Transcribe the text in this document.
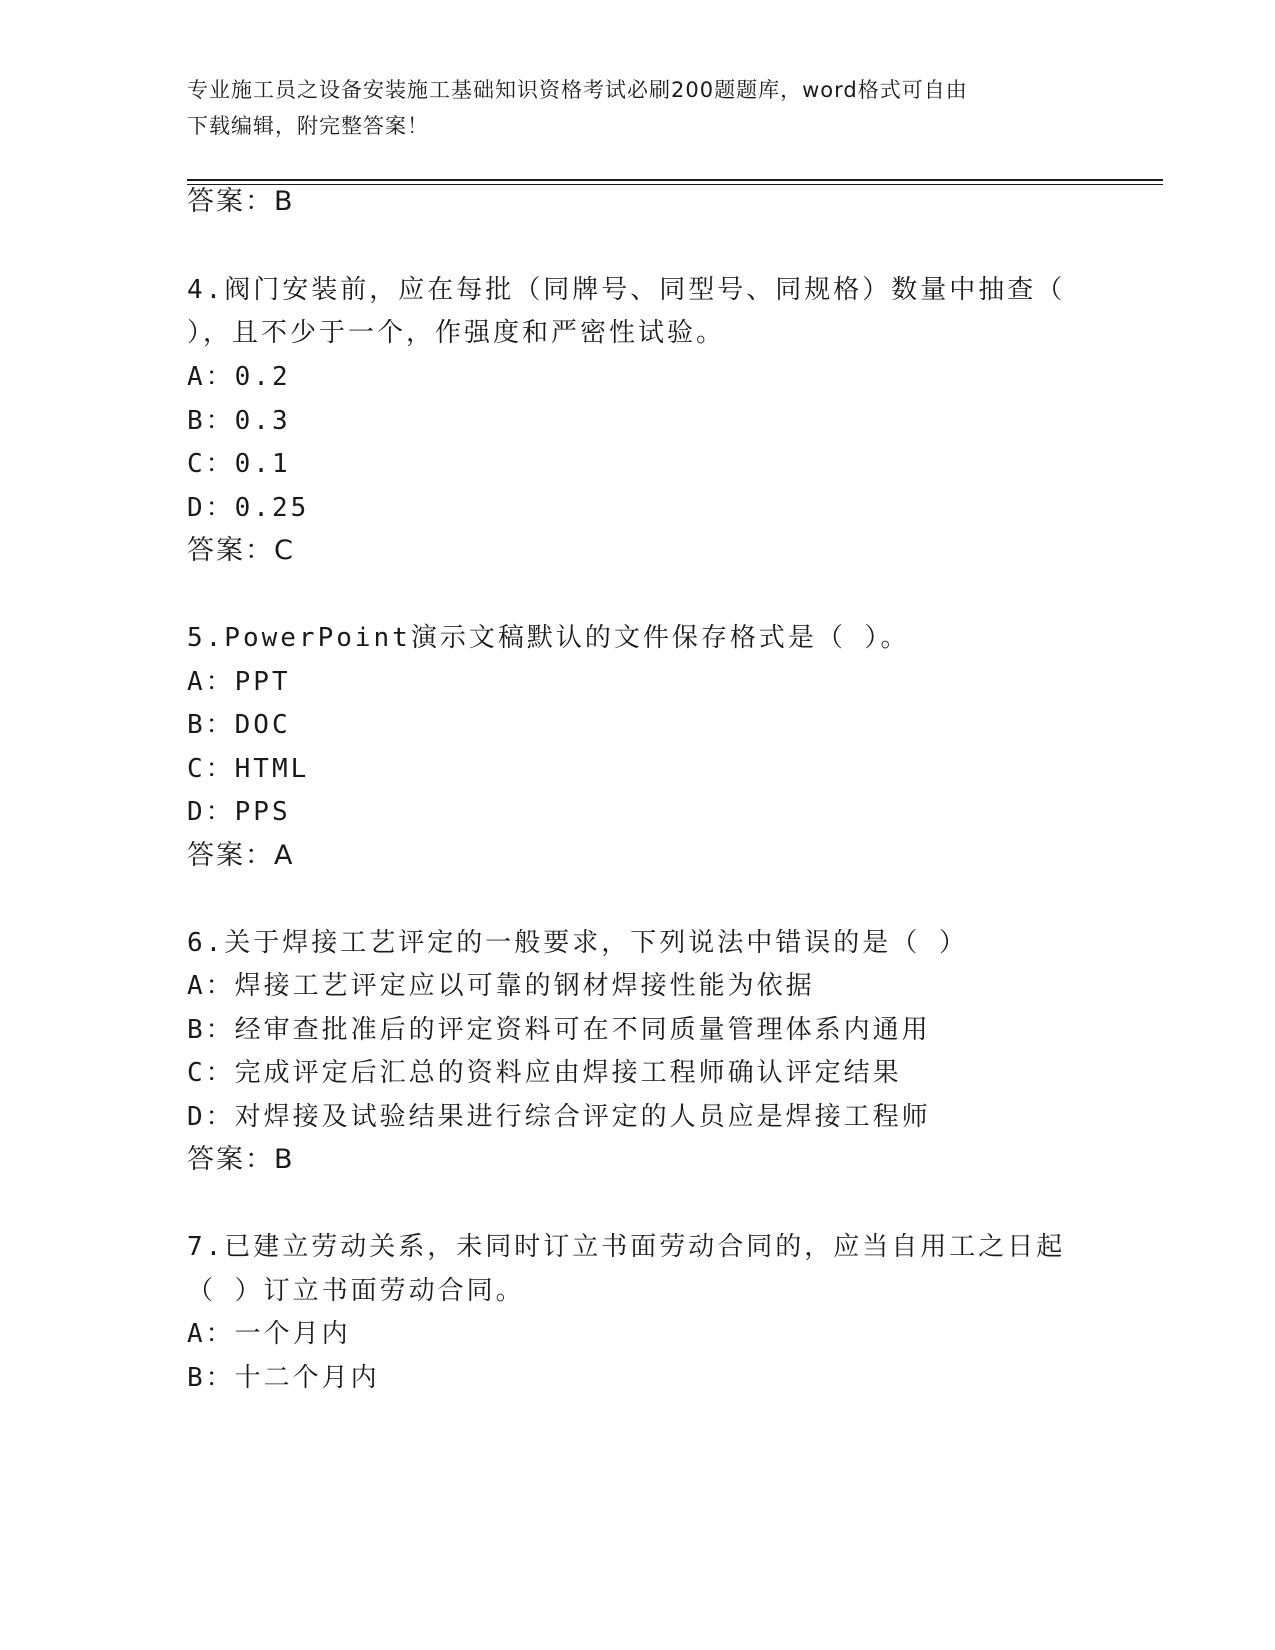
专业施工员之设备安装施工基础知识资格考试必刷200题题库，word格式可自由
下载编辑，附完整答案！
答案：B
4.阀门安装前，应在每批（同牌号、同型号、同规格）数量中抽查（
），且不少于一个，作强度和严密性试验。
A：0.2
B：0.3
C：0.1
D：0.25
答案：C
5.PowerPoint演示文稿默认的文件保存格式是（ ）。
A：PPT
B：DOC
C：HTML
D：PPS
答案：A
6.关于焊接工艺评定的一般要求，下列说法中错误的是（ ）
A：焊接工艺评定应以可靠的钢材焊接性能为依据
B：经审查批准后的评定资料可在不同质量管理体系内通用
C：完成评定后汇总的资料应由焊接工程师确认评定结果
D：对焊接及试验结果进行综合评定的人员应是焊接工程师
答案：B
7.已建立劳动关系，未同时订立书面劳动合同的，应当自用工之日起
（ ）订立书面劳动合同。
A：一个月内
B：十二个月内
